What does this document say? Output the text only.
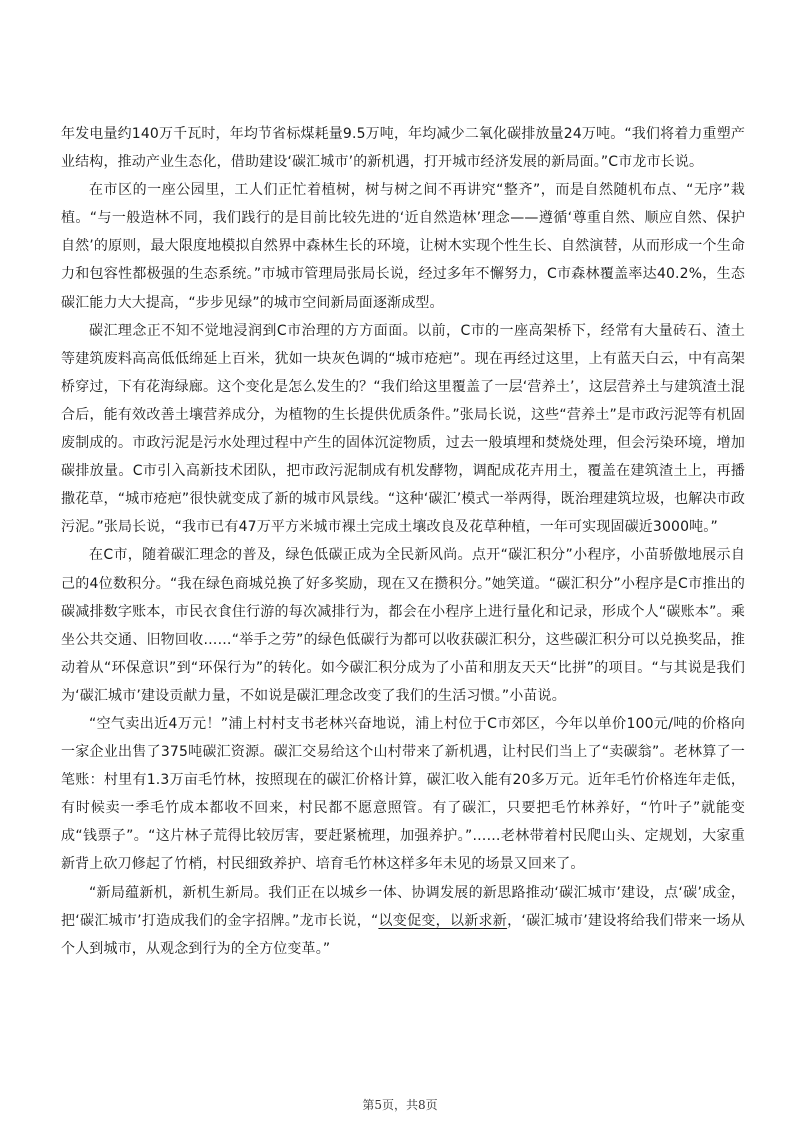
年发电量约140万千瓦时，年均节省标煤耗量9.5万吨，年均减少二氧化碳排放量24万吨。“我们将着力重塑产业结构，推动产业生态化，借助建设‘碳汇城市’的新机遇，打开城市经济发展的新局面。”C市龙市长说。

在市区的一座公园里，工人们正忙着植树，树与树之间不再讲究“整齐”，而是自然随机布点、“无序”栽植。“与一般造林不同，我们践行的是目前比较先进的‘近自然造林’理念——遵循‘尊重自然、顺应自然、保护自然’的原则，最大限度地模拟自然界中森林生长的环境，让树木实现个性生长、自然演替，从而形成一个生命力和包容性都极强的生态系统。”市城市管理局张局长说，经过多年不懈努力，C市森林覆盖率达40.2%，生态碳汇能力大大提高，“步步见绿”的城市空间新局面逐渐成型。

碳汇理念正不知不觉地浸润到C市治理的方方面面。以前，C市的一座高架桥下，经常有大量砖石、渣土等建筑废料高高低低绵延上百米，犹如一块灰色调的“城市疮疤”。现在再经过这里，上有蓝天白云，中有高架桥穿过，下有花海绿廊。这个变化是怎么发生的？“我们给这里覆盖了一层‘营养土’，这层营养土与建筑渣土混合后，能有效改善土壤营养成分，为植物的生长提供优质条件。”张局长说，这些“营养土”是市政污泥等有机固废制成的。市政污泥是污水处理过程中产生的固体沉淀物质，过去一般填埋和焚烧处理，但会污染环境，增加碳排放量。C市引入高新技术团队，把市政污泥制成有机发酵物，调配成花卉用土，覆盖在建筑渣土上，再播撒花草，“城市疮疤”很快就变成了新的城市风景线。“这种‘碳汇’模式一举两得，既治理建筑垃圾，也解决市政污泥。”张局长说，“我市已有47万平方米城市裸土完成土壤改良及花草种植，一年可实现固碳近3000吨。”

在C市，随着碳汇理念的普及，绿色低碳正成为全民新风尚。点开“碳汇积分”小程序，小苗骄傲地展示自己的4位数积分。“我在绿色商城兑换了好多奖励，现在又在攒积分。”她笑道。“碳汇积分”小程序是C市推出的碳减排数字账本，市民衣食住行游的每次减排行为，都会在小程序上进行量化和记录，形成个人“碳账本”。乘坐公共交通、旧物回收……“举手之劳”的绿色低碳行为都可以收获碳汇积分，这些碳汇积分可以兑换奖品，推动着从“环保意识”到“环保行为”的转化。如今碳汇积分成为了小苗和朋友天天“比拼”的项目。“与其说是我们为‘碳汇城市’建设贡献力量，不如说是碳汇理念改变了我们的生活习惯。”小苗说。

“空气卖出近4万元！”浦上村村支书老林兴奋地说，浦上村位于C市郊区，今年以单价100元/吨的价格向一家企业出售了375吨碳汇资源。碳汇交易给这个山村带来了新机遇，让村民们当上了“卖碳翁”。老林算了一笔账：村里有1.3万亩毛竹林，按照现在的碳汇价格计算，碳汇收入能有20多万元。近年毛竹价格连年走低，有时候卖一季毛竹成本都收不回来，村民都不愿意照管。有了碳汇，只要把毛竹林养好，“竹叶子”就能变成“钱票子”。“这片林子荒得比较厉害，要赶紧梳理，加强养护。”……老林带着村民爬山头、定规划，大家重新背上砍刀修起了竹梢，村民细致养护、培育毛竹林这样多年未见的场景又回来了。

“新局蕴新机，新机生新局。我们正在以城乡一体、协调发展的新思路推动‘碳汇城市’建设，点‘碳’成金，把‘碳汇城市’打造成我们的金字招牌。”龙市长说，“以变促变，以新求新，‘碳汇城市’建设将给我们带来一场从个人到城市，从观念到行为的全方位变革。”

第5页，共8页
